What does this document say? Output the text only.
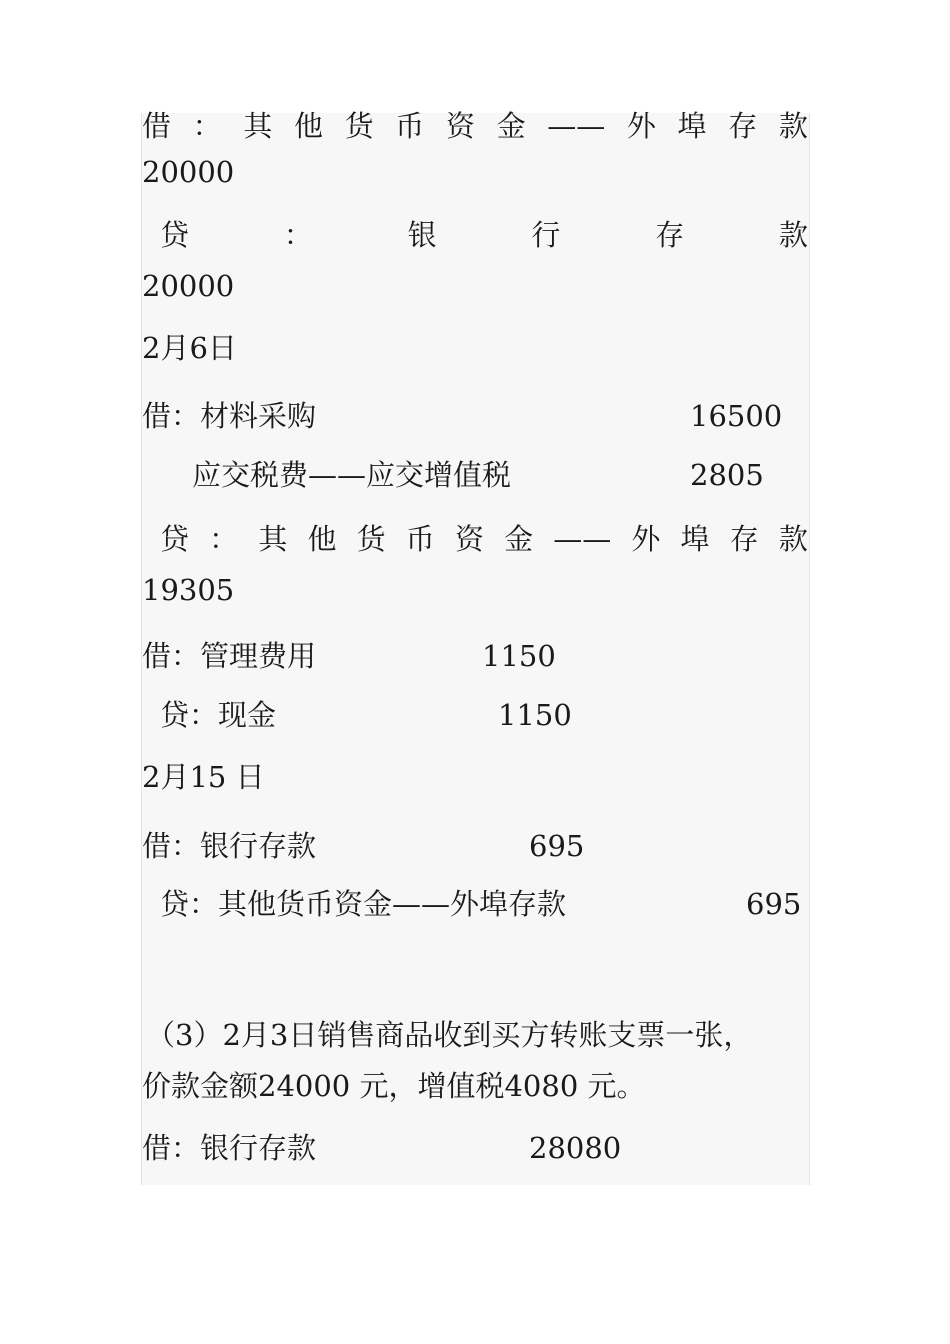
借 ： 其 他 货 币 资 金 —— 外 埠 存 款
20000
贷	：	银	行	存	款
20000
2月6日
借：材料采购	16500
应交税费——应交增值税	2805
贷 ： 其 他 货 币 资 金 —— 外 埠 存 款
19305
借：管理费用	1150
贷：现金	1150
2月15 日
借：银行存款	695
贷：其他货币资金——外埠存款	695
（3）2月3日销售商品收到买方转账支票一张，
价款金额24000 元，增值税4080 元。
借：银行存款	28080
